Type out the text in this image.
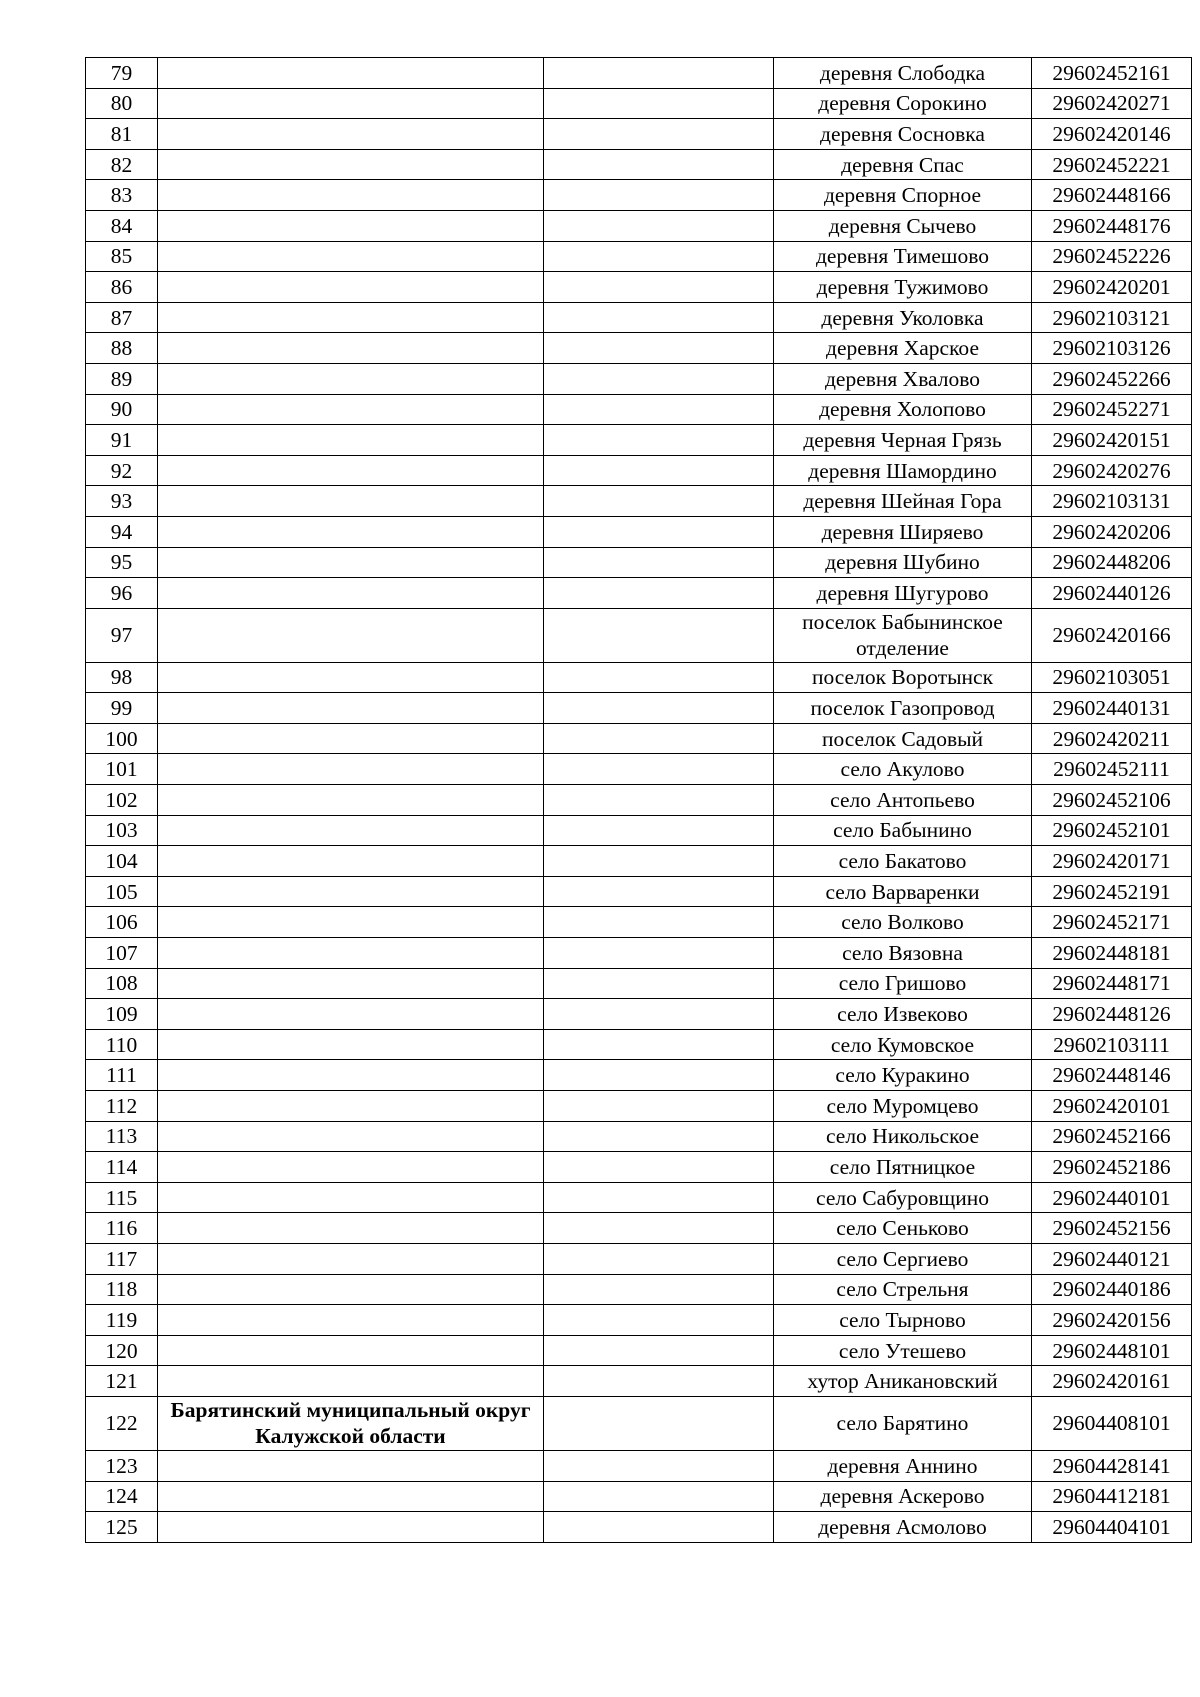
79			деревня Слободка	29602452161
80			деревня Сорокино	29602420271
81			деревня Сосновка	29602420146
82			деревня Спас	29602452221
83			деревня Спорное	29602448166
84			деревня Сычево	29602448176
85			деревня Тимешово	29602452226
86			деревня Тужимово	29602420201
87			деревня Уколовка	29602103121
88			деревня Харское	29602103126
89			деревня Хвалово	29602452266
90			деревня Холопово	29602452271
91			деревня Черная Грязь	29602420151
92			деревня Шамордино	29602420276
93			деревня Шейная Гора	29602103131
94			деревня Ширяево	29602420206
95			деревня Шубино	29602448206
96			деревня Шугурово	29602440126
97			поселок Бабынинское отделение	29602420166
98			поселок Воротынск	29602103051
99			поселок Газопровод	29602440131
100			поселок Садовый	29602420211
101			село Акулово	29602452111
102			село Антопьево	29602452106
103			село Бабынино	29602452101
104			село Бакатово	29602420171
105			село Варваренки	29602452191
106			село Волково	29602452171
107			село Вязовна	29602448181
108			село Гришово	29602448171
109			село Извеково	29602448126
110			село Кумовское	29602103111
111			село Куракино	29602448146
112			село Муромцево	29602420101
113			село Никольское	29602452166
114			село Пятницкое	29602452186
115			село Сабуровщино	29602440101
116			село Сеньково	29602452156
117			село Сергиево	29602440121
118			село Стрельня	29602440186
119			село Тырново	29602420156
120			село Утешево	29602448101
121			хутор Аникановский	29602420161
122	Барятинский муниципальный округ Калужской области		село Барятино	29604408101
123			деревня Аннино	29604428141
124			деревня Аскерово	29604412181
125			деревня Асмолово	29604404101
